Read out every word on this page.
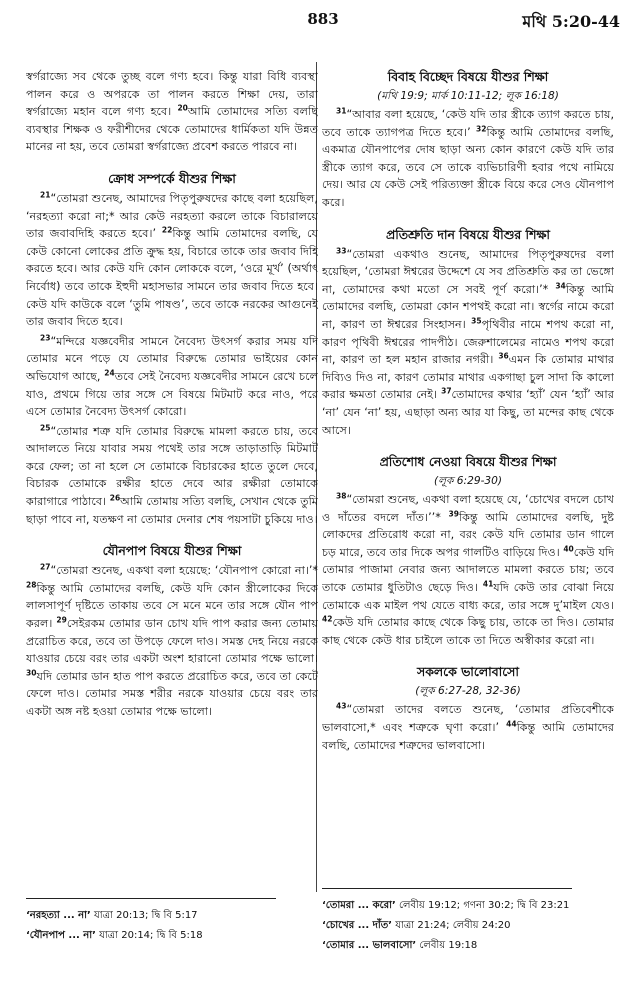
883	মথি 5:20-44

স্বর্গরাজ্যে সব থেকে তুচ্ছ বলে গণ্য হবে। কিন্তু যারা বিধি ব্যবস্থা পালন করে ও অপরকে তা পালন করতে শিক্ষা দেয়, তারা স্বর্গরাজ্যে মহান বলে গণ্য হবে। $^{20}$আমি তোমাদের সত্যি বলছি ব্যবস্থার শিক্ষক ও ফরীশীদের থেকে তোমাদের ধার্মিকতা যদি উন্নত মানের না হয়, তবে তোমরা স্বর্গরাজ্যে প্রবেশ করতে পারবে না।

ক্রোধ সম্পর্কে যীশুর শিক্ষা

$^{21}$“তোমরা শুনেছ, আমাদের পিতৃপুরুষদের কাছে বলা হয়েছিল, ‘নরহত্যা করো না;* আর কেউ নরহত্যা করলে তাকে বিচারালয়ে তার জবাবদিহি করতে হবে।’ $^{22}$কিন্তু আমি তোমাদের বলছি, যে কেউ কোনো লোকের প্রতি ক্রুদ্ধ হয়, বিচারে তাকে তার জবাব দিহি করতে হবে। আর কেউ যদি কোন লোককে বলে, ‘ওরে মূর্খ’ (অর্থাৎ নির্বোধ) তবে তাকে ইহুদী মহাসভার সামনে তার জবাব দিতে হবে। কেউ যদি কাউকে বলে ‘তুমি পাষণ্ড’, তবে তাকে নরকের আগুনেই তার জবাব দিতে হবে।

$^{23}$“মন্দিরে যজ্ঞবেদীর সামনে নৈবেদ্য উৎসর্গ করার সময় যদি তোমার মনে পড়ে যে তোমার বিরুদ্ধে তোমার ভাইয়ের কোন অভিযোগ আছে, $^{24}$তবে সেই নৈবেদ্য যজ্ঞবেদীর সামনে রেখে চলে যাও, প্রথমে গিয়ে তার সঙ্গে সে বিষয়ে মিটমাট করে নাও, পরে এসে তোমার নৈবেদ্য উৎসর্গ কোরো।

$^{25}$“তোমার শত্রু যদি তোমার বিরুদ্ধে মামলা করতে চায়, তবে আদালতে নিয়ে যাবার সময় পথেই তার সঙ্গে তাড়াতাড়ি মিটমাট করে ফেল; তা না হলে সে তোমাকে বিচারকের হাতে তুলে দেবে, বিচারক তোমাকে রক্ষীর হাতে দেবে আর রক্ষীরা তোমাকে কারাগারে পাঠাবে। $^{26}$আমি তোমায় সত্যি বলছি, সেখান থেকে তুমি ছাড়া পাবে না, যতক্ষণ না তোমার দেনার শেষ পয়সাটা চুকিয়ে দাও।

যৌনপাপ বিষয়ে যীশুর শিক্ষা

$^{27}$“তোমরা শুনেছ, একথা বলা হয়েছে: ‘যৌনপাপ কোরো না।’* $^{28}$কিন্তু আমি তোমাদের বলছি, কেউ যদি কোন স্ত্রীলোকের দিকে লালসাপূর্ণ দৃষ্টিতে তাকায় তবে সে মনে মনে তার সঙ্গে যৌন পাপ করল। $^{29}$সেইরকম তোমার ডান চোখ যদি পাপ করার জন্য তোমায় প্ররোচিত করে, তবে তা উপড়ে ফেলে দাও। সমস্ত দেহ নিয়ে নরকে যাওয়ার চেয়ে বরং তার একটা অংশ হারানো তোমার পক্ষে ভালো। $^{30}$যদি তোমার ডান হাত পাপ করতে প্ররোচিত করে, তবে তা কেটে ফেলে দাও। তোমার সমস্ত শরীর নরকে যাওয়ার চেয়ে বরং তার একটা অঙ্গ নষ্ট হওয়া তোমার পক্ষে ভালো।

বিবাহ বিচ্ছেদ বিষয়ে যীশুর শিক্ষা
(মথি 19:9; মার্ক 10:11-12; লূক 16:18)

$^{31}$“আবার বলা হয়েছে, ‘কেউ যদি তার স্ত্রীকে ত্যাগ করতে চায়, তবে তাকে ত্যাগপত্র দিতে হবে।’ $^{32}$কিন্তু আমি তোমাদের বলছি, একমাত্র যৌনপাপের দোষ ছাড়া অন্য কোন কারণে কেউ যদি তার স্ত্রীকে ত্যাগ করে, তবে সে তাকে ব্যভিচারিণী হবার পথে নামিয়ে দেয়। আর যে কেউ সেই পরিত্যক্তা স্ত্রীকে বিয়ে করে সেও যৌনপাপ করে।

প্রতিশ্রুতি দান বিষয়ে যীশুর শিক্ষা

$^{33}$“তোমরা একথাও শুনেছ, আমাদের পিতৃপুরুষদের বলা হয়েছিল, ‘তোমরা ঈশ্বরের উদ্দেশে যে সব প্রতিশ্রুতি কর তা ভেঙ্গো না, তোমাদের কথা মতো সে সবই পূর্ণ করো।’* $^{34}$কিন্তু আমি তোমাদের বলছি, তোমরা কোন শপথই করো না। স্বর্গের নামে করো না, কারণ তা ঈশ্বরের সিংহাসন। $^{35}$পৃথিবীর নামে শপথ করো না, কারণ পৃথিবী ঈশ্বরের পাদপীঠ। জেরুশালেমের নামেও শপথ করো না, কারণ তা হল মহান রাজার নগরী। $^{36}$এমন কি তোমার মাথার দিব্যিও দিও না, কারণ তোমার মাথার একগাছা চুল সাদা কি কালো করার ক্ষমতা তোমার নেই। $^{37}$তোমাদের কথার ‘হ্যাঁ’ যেন ‘হ্যাঁ’ আর ‘না’ যেন ‘না’ হয়, এছাড়া অন্য আর যা কিছু, তা মন্দের কাছ থেকে আসে।

প্রতিশোধ নেওয়া বিষয়ে যীশুর শিক্ষা
(লূক 6:29-30)

$^{38}$“তোমরা শুনেছ, একথা বলা হয়েছে যে, ‘চোখের বদলে চোখ ও দাঁতের বদলে দাঁত।’’* $^{39}$কিন্তু আমি তোমাদের বলছি, দুষ্ট লোকদের প্রতিরোধ করো না, বরং কেউ যদি তোমার ডান গালে চড় মারে, তবে তার দিকে অপর গালটিও বাড়িয়ে দিও। $^{40}$কেউ যদি তোমার পাজামা নেবার জন্য আদালতে মামলা করতে চায়; তবে তাকে তোমার ধুতিটাও ছেড়ে দিও। $^{41}$যদি কেউ তার বোঝা নিয়ে তোমাকে এক মাইল পথ যেতে বাধ্য করে, তার সঙ্গে দু’মাইল যেও। $^{42}$কেউ যদি তোমার কাছে থেকে কিছু চায়, তাকে তা দিও। তোমার কাছ থেকে কেউ ধার চাইলে তাকে তা দিতে অস্বীকার করো না।

সকলকে ভালোবাসো
(লূক 6:27-28, 32-36)

$^{43}$“তোমরা তাদের বলতে শুনেছ, ‘তোমার প্রতিবেশীকে ভালবাসো,* এবং শত্রুকে ঘৃণা করো।’ $^{44}$কিন্তু আমি তোমাদের বলছি, তোমাদের শত্রুদের ভালবাসো।

‘নরহত্যা ... না’ যাত্রা 20:13; দ্বি বি 5:17
‘যৌনপাপ ... না’ যাত্রা 20:14; দ্বি বি 5:18
‘তোমরা ... করো’ লেবীয় 19:12; গণনা 30:2; দ্বি বি 23:21
‘চোখের ... দাঁত’ যাত্রা 21:24; লেবীয় 24:20
‘তোমার ... ভালবাসো’ লেবীয় 19:18
